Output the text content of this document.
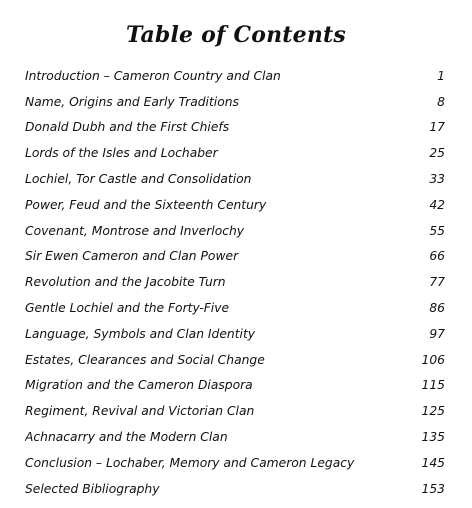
Table of Contents
Introduction – Cameron Country and Clan	1
Name, Origins and Early Traditions	8
Donald Dubh and the First Chiefs	17
Lords of the Isles and Lochaber	25
Lochiel, Tor Castle and Consolidation	33
Power, Feud and the Sixteenth Century	42
Covenant, Montrose and Inverlochy	55
Sir Ewen Cameron and Clan Power	66
Revolution and the Jacobite Turn	77
Gentle Lochiel and the Forty-Five	86
Language, Symbols and Clan Identity	97
Estates, Clearances and Social Change	106
Migration and the Cameron Diaspora	115
Regiment, Revival and Victorian Clan	125
Achnacarry and the Modern Clan	135
Conclusion – Lochaber, Memory and Cameron Legacy	145
Selected Bibliography	153
